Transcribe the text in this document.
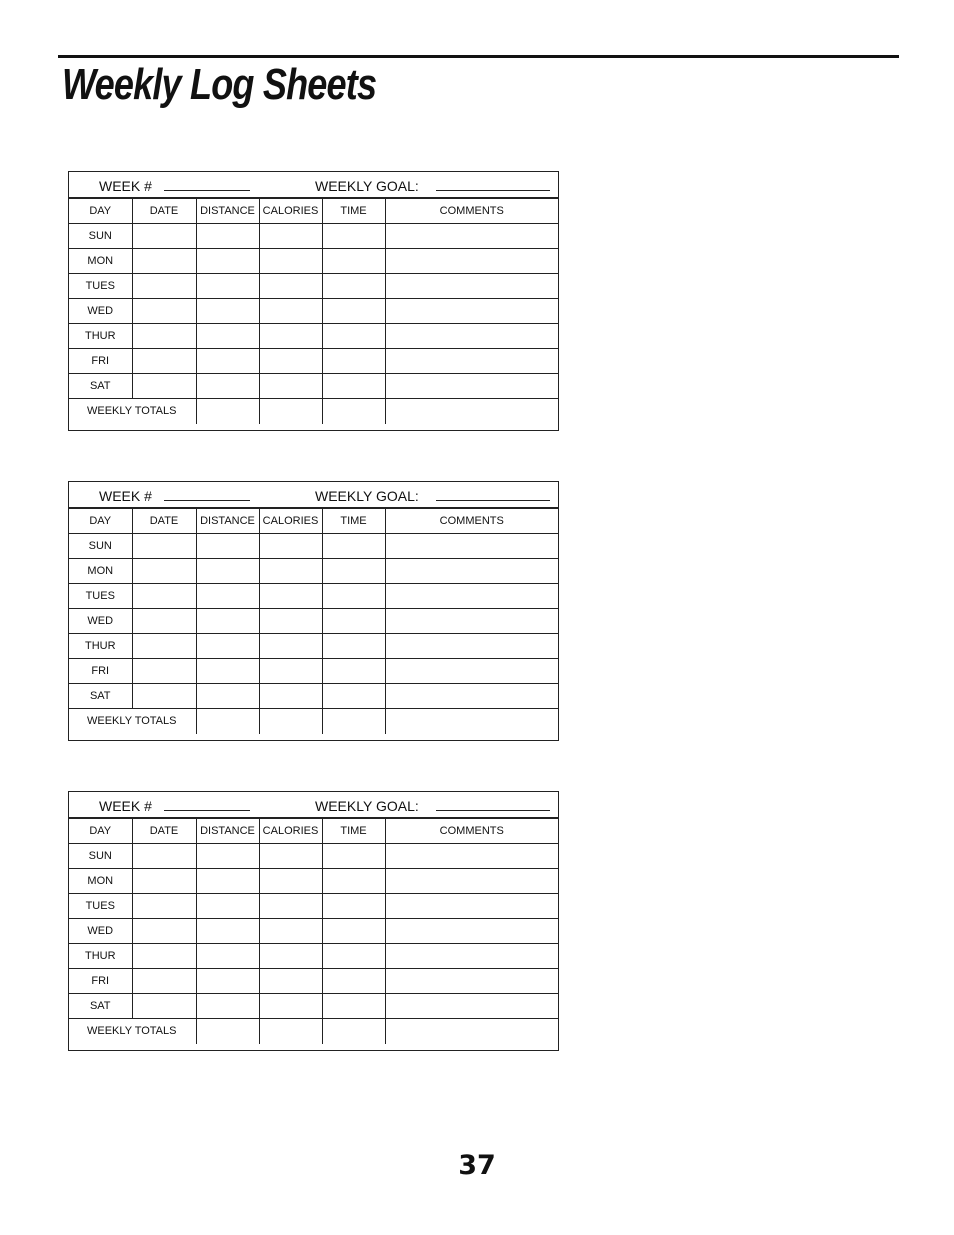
Weekly Log Sheets
WEEK #	WEEKLY GOAL:
DAY	DATE	DISTANCE	CALORIES	TIME	COMMENTS
SUN					
MON					
TUES					
WED					
THUR					
FRI					
SAT					
WEEKLY TOTALS					
WEEK #	WEEKLY GOAL:
DAY	DATE	DISTANCE	CALORIES	TIME	COMMENTS
SUN					
MON					
TUES					
WED					
THUR					
FRI					
SAT					
WEEKLY TOTALS					
WEEK #	WEEKLY GOAL:
DAY	DATE	DISTANCE	CALORIES	TIME	COMMENTS
SUN					
MON					
TUES					
WED					
THUR					
FRI					
SAT					
WEEKLY TOTALS					
37
